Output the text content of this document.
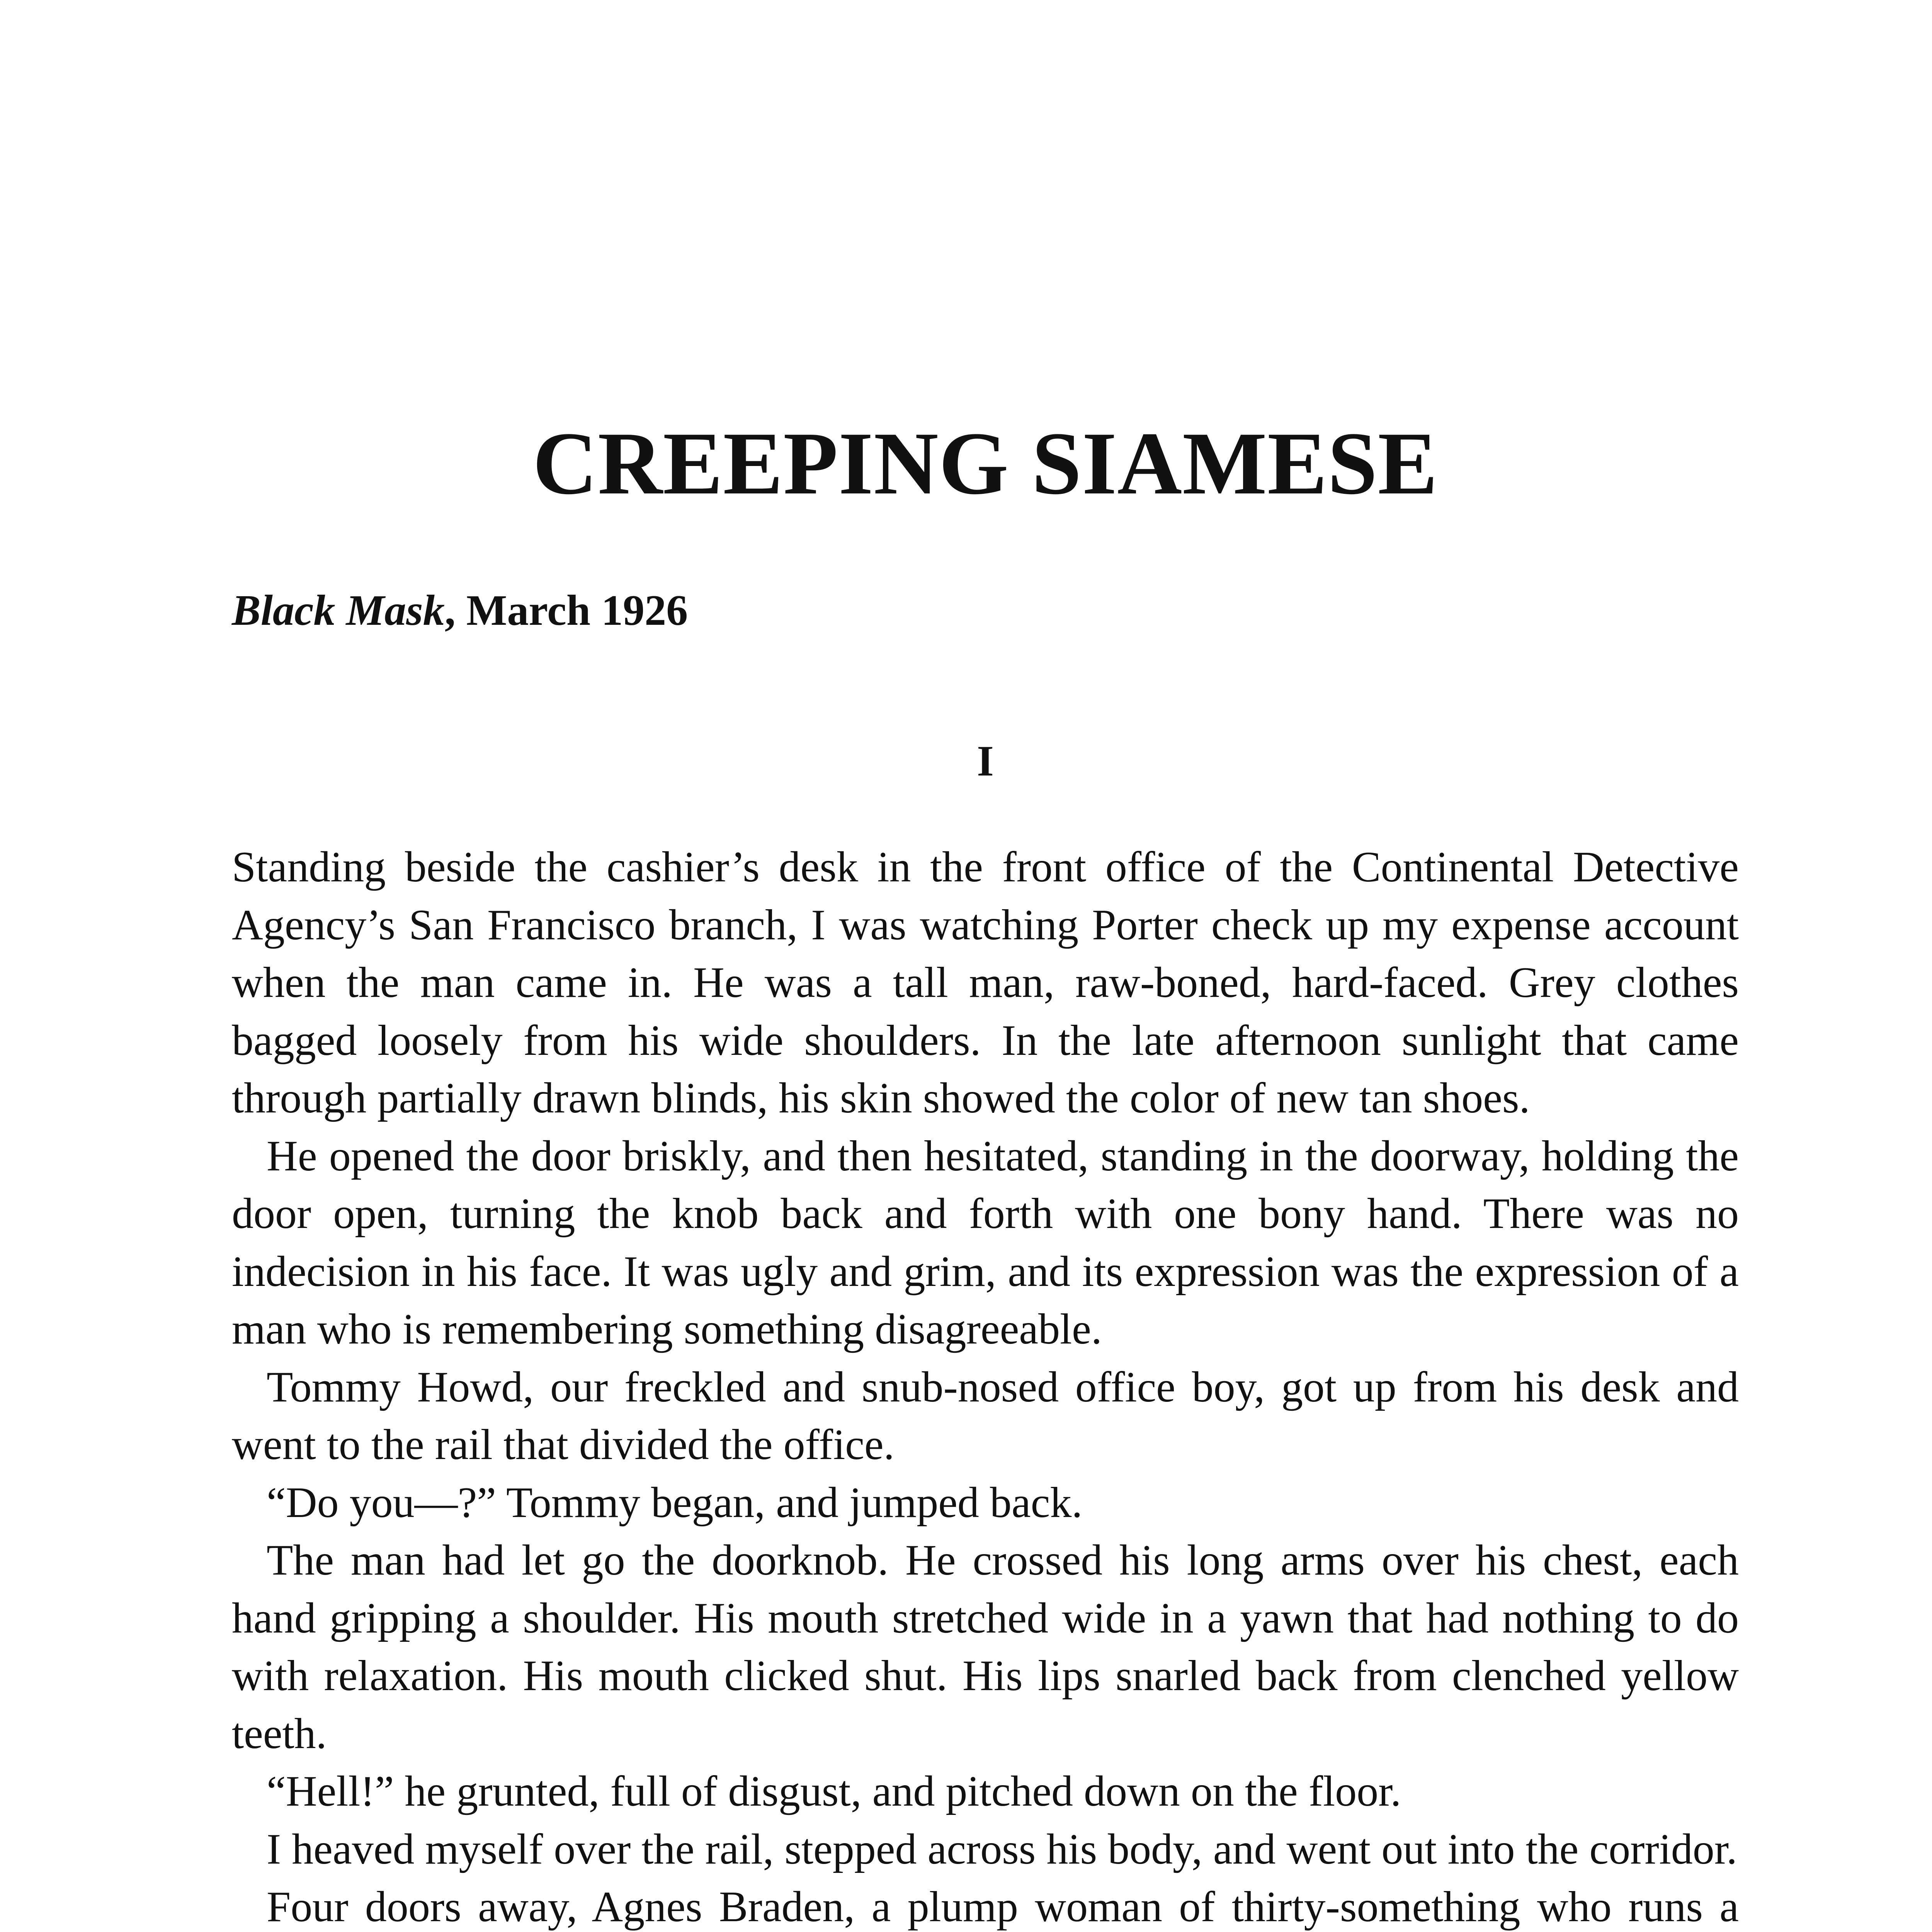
CREEPING SIAMESE

Black Mask, March 1926

I

Standing beside the cashier’s desk in the front office of the Continental Detective Agency’s San Francisco branch, I was watching Porter check up my expense account when the man came in. He was a tall man, raw-boned, hard-faced. Grey clothes bagged loosely from his wide shoulders. In the late afternoon sunlight that came through partially drawn blinds, his skin showed the color of new tan shoes.

He opened the door briskly, and then hesitated, standing in the doorway, holding the door open, turning the knob back and forth with one bony hand. There was no indecision in his face. It was ugly and grim, and its expression was the expression of a man who is remembering something disagreeable.

Tommy Howd, our freckled and snub-nosed office boy, got up from his desk and went to the rail that divided the office.

“Do you—?” Tommy began, and jumped back.

The man had let go the doorknob. He crossed his long arms over his chest, each hand gripping a shoulder. His mouth stretched wide in a yawn that had nothing to do with relaxation. His mouth clicked shut. His lips snarled back from clenched yellow teeth.

“Hell!” he grunted, full of disgust, and pitched down on the floor.

I heaved myself over the rail, stepped across his body, and went out into the corridor.

Four doors away, Agnes Braden, a plump woman of thirty-something who runs a
